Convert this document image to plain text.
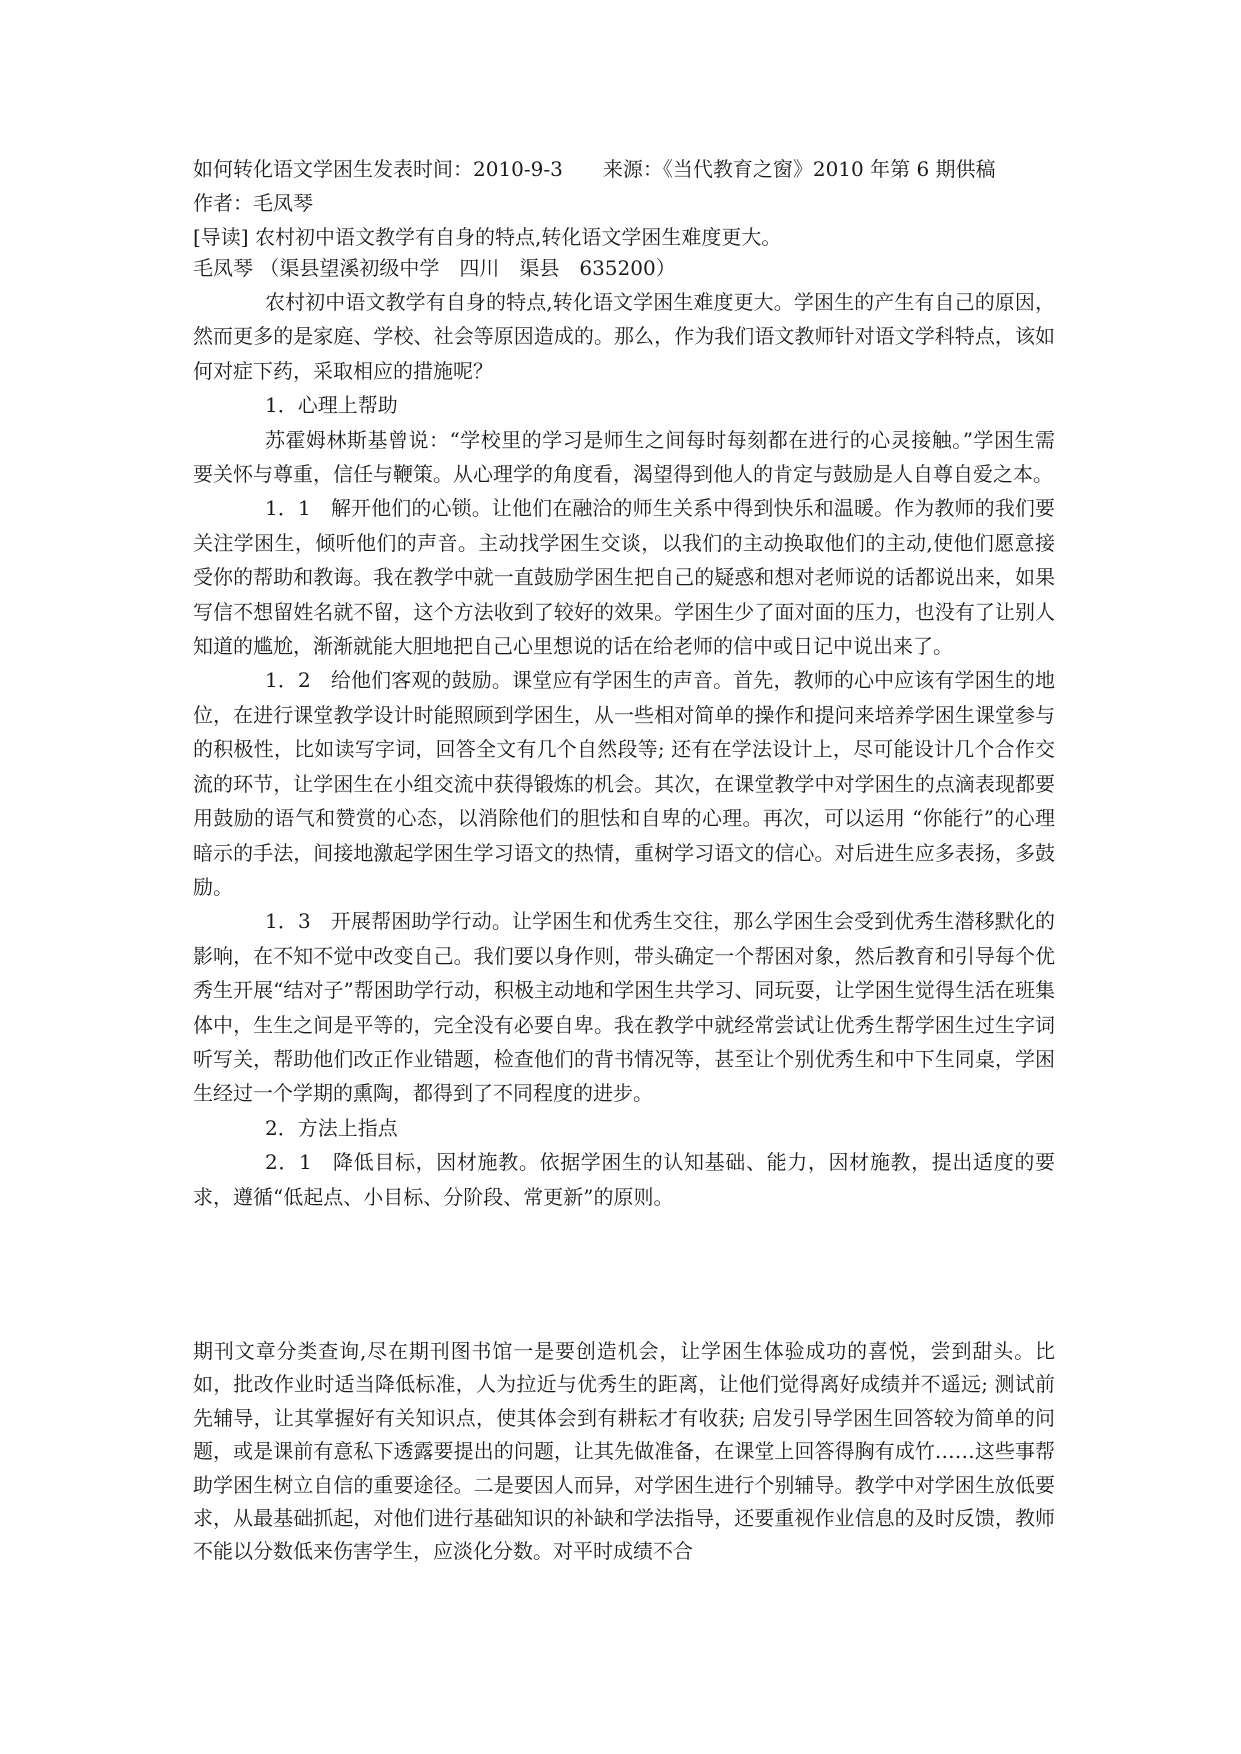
如何转化语文学困生发表时间：2010-9-3　　来源：《当代教育之窗》2010 年第 6 期供稿

作者：毛凤琴

[导读] 农村初中语文教学有自身的特点,转化语文学困生难度更大。

毛凤琴 （渠县望溪初级中学　四川　渠县　635200）

农村初中语文教学有自身的特点,转化语文学困生难度更大。学困生的产生有自己的原因，然而更多的是家庭、学校、社会等原因造成的。那么，作为我们语文教师针对语文学科特点，该如何对症下药，采取相应的措施呢？

1．心理上帮助

苏霍姆林斯基曾说：“学校里的学习是师生之间每时每刻都在进行的心灵接触。”学困生需要关怀与尊重，信任与鞭策。从心理学的角度看，渴望得到他人的肯定与鼓励是人自尊自爱之本。

1．1　解开他们的心锁。让他们在融洽的师生关系中得到快乐和温暖。作为教师的我们要关注学困生，倾听他们的声音。主动找学困生交谈，以我们的主动换取他们的主动,使他们愿意接受你的帮助和教诲。我在教学中就一直鼓励学困生把自己的疑惑和想对老师说的话都说出来，如果写信不想留姓名就不留，这个方法收到了较好的效果。学困生少了面对面的压力，也没有了让别人知道的尴尬，渐渐就能大胆地把自己心里想说的话在给老师的信中或日记中说出来了。

1．2　给他们客观的鼓励。课堂应有学困生的声音。首先，教师的心中应该有学困生的地位，在进行课堂教学设计时能照顾到学困生，从一些相对简单的操作和提问来培养学困生课堂参与的积极性，比如读写字词，回答全文有几个自然段等; 还有在学法设计上，尽可能设计几个合作交流的环节，让学困生在小组交流中获得锻炼的机会。其次，在课堂教学中对学困生的点滴表现都要用鼓励的语气和赞赏的心态，以消除他们的胆怯和自卑的心理。再次，可以运用 “你能行”的心理暗示的手法，间接地激起学困生学习语文的热情，重树学习语文的信心。对后进生应多表扬，多鼓励。

1．3　开展帮困助学行动。让学困生和优秀生交往，那么学困生会受到优秀生潜移默化的影响，在不知不觉中改变自己。我们要以身作则，带头确定一个帮困对象，然后教育和引导每个优秀生开展“结对子”帮困助学行动，积极主动地和学困生共学习、同玩耍，让学困生觉得生活在班集体中，生生之间是平等的，完全没有必要自卑。我在教学中就经常尝试让优秀生帮学困生过生字词听写关，帮助他们改正作业错题，检查他们的背书情况等，甚至让个别优秀生和中下生同桌，学困生经过一个学期的熏陶，都得到了不同程度的进步。

2．方法上指点

2．1　降低目标，因材施教。依据学困生的认知基础、能力，因材施教，提出适度的要求，遵循“低起点、小目标、分阶段、常更新”的原则。

期刊文章分类查询,尽在期刊图书馆一是要创造机会，让学困生体验成功的喜悦，尝到甜头。比如，批改作业时适当降低标准，人为拉近与优秀生的距离，让他们觉得离好成绩并不遥远; 测试前先辅导，让其掌握好有关知识点，使其体会到有耕耘才有收获; 启发引导学困生回答较为简单的问题，或是课前有意私下透露要提出的问题，让其先做准备，在课堂上回答得胸有成竹……这些事帮助学困生树立自信的重要途径。二是要因人而异，对学困生进行个别辅导。教学中对学困生放低要求，从最基础抓起，对他们进行基础知识的补缺和学法指导，还要重视作业信息的及时反馈，教师不能以分数低来伤害学生，应淡化分数。对平时成绩不合
